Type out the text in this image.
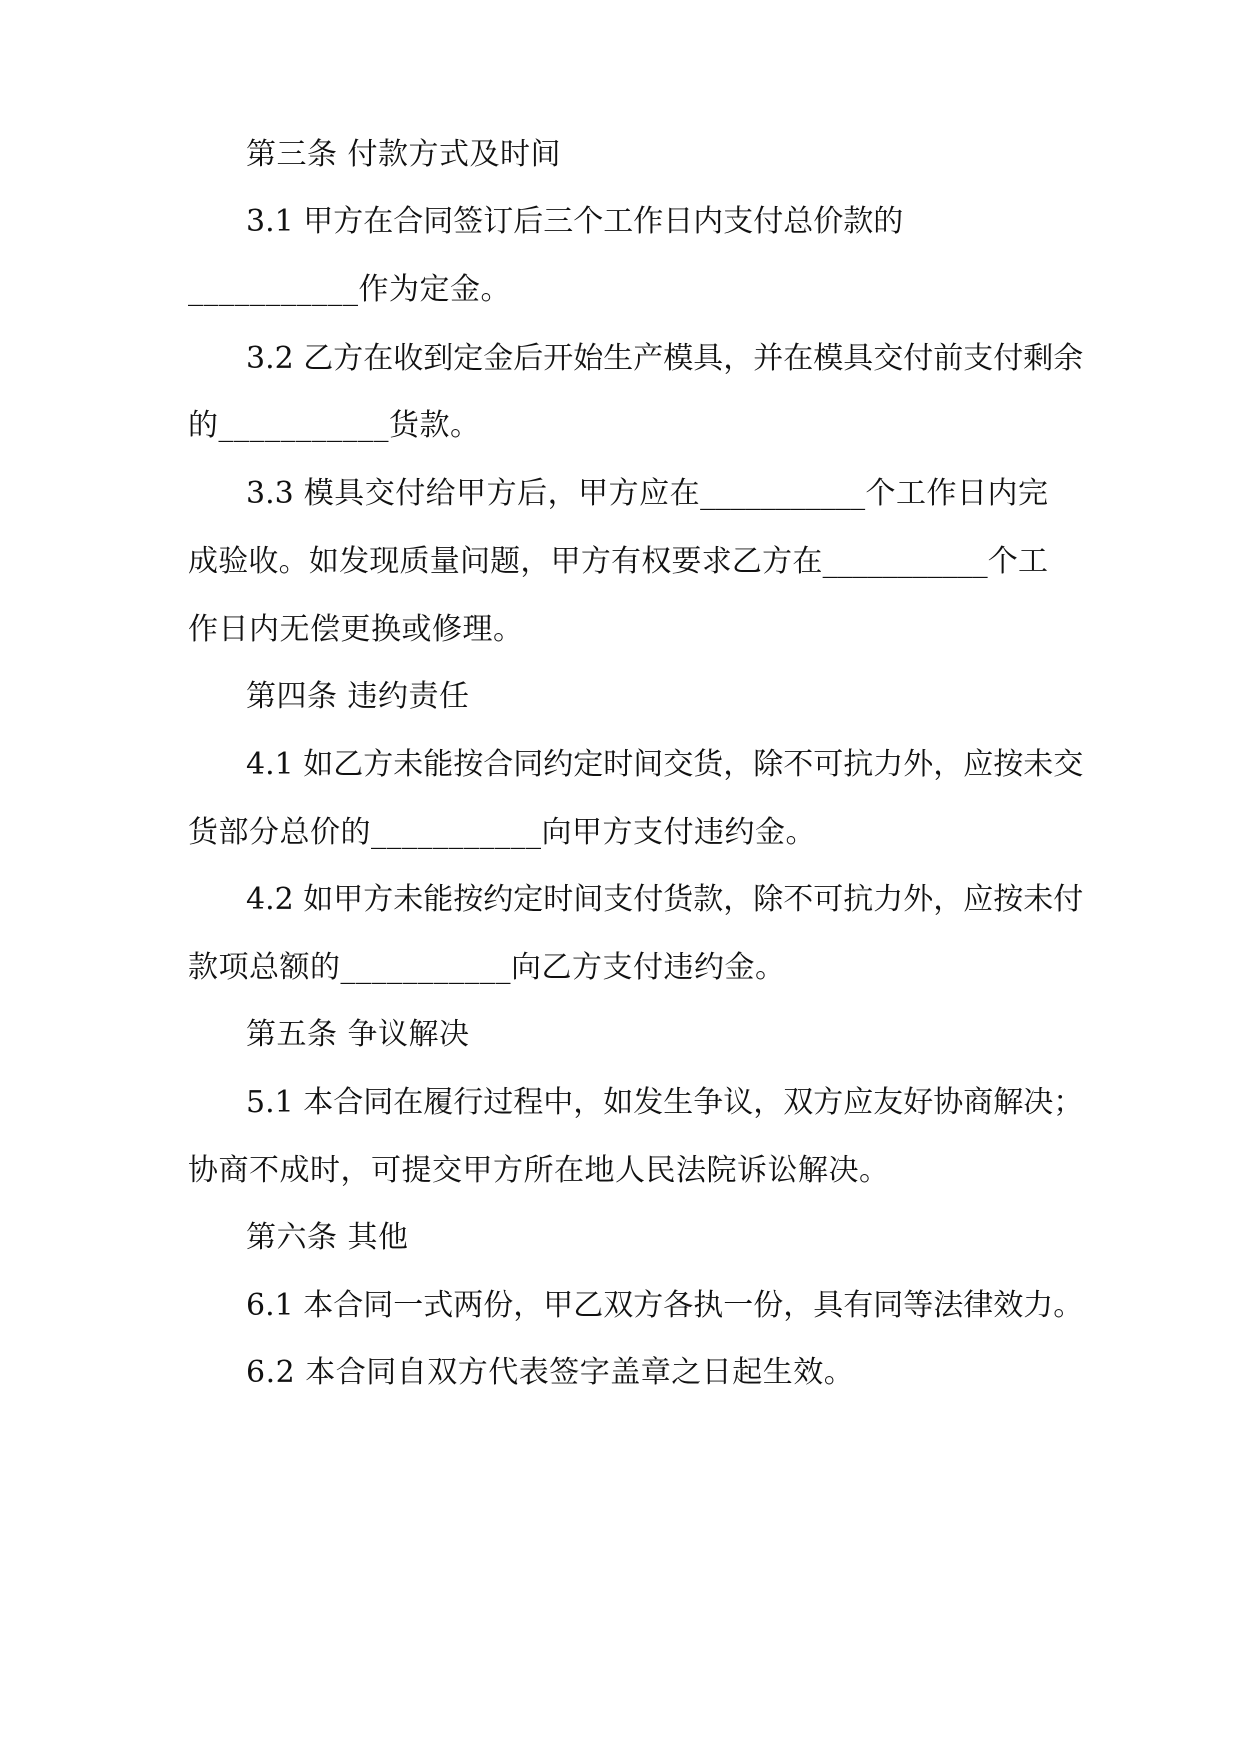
第三条 付款方式及时间
3.1 甲方在合同签订后三个工作日内支付总价款的
___________作为定金。
3.2 乙方在收到定金后开始生产模具，并在模具交付前支付剩余
的___________货款。
3.3 模具交付给甲方后，甲方应在___________个工作日内完
成验收。如发现质量问题，甲方有权要求乙方在___________个工
作日内无偿更换或修理。
第四条 违约责任
4.1 如乙方未能按合同约定时间交货，除不可抗力外，应按未交
货部分总价的___________向甲方支付违约金。
4.2 如甲方未能按约定时间支付货款，除不可抗力外，应按未付
款项总额的___________向乙方支付违约金。
第五条 争议解决
5.1 本合同在履行过程中，如发生争议，双方应友好协商解决；
协商不成时，可提交甲方所在地人民法院诉讼解决。
第六条 其他
6.1 本合同一式两份，甲乙双方各执一份，具有同等法律效力。
6.2 本合同自双方代表签字盖章之日起生效。
